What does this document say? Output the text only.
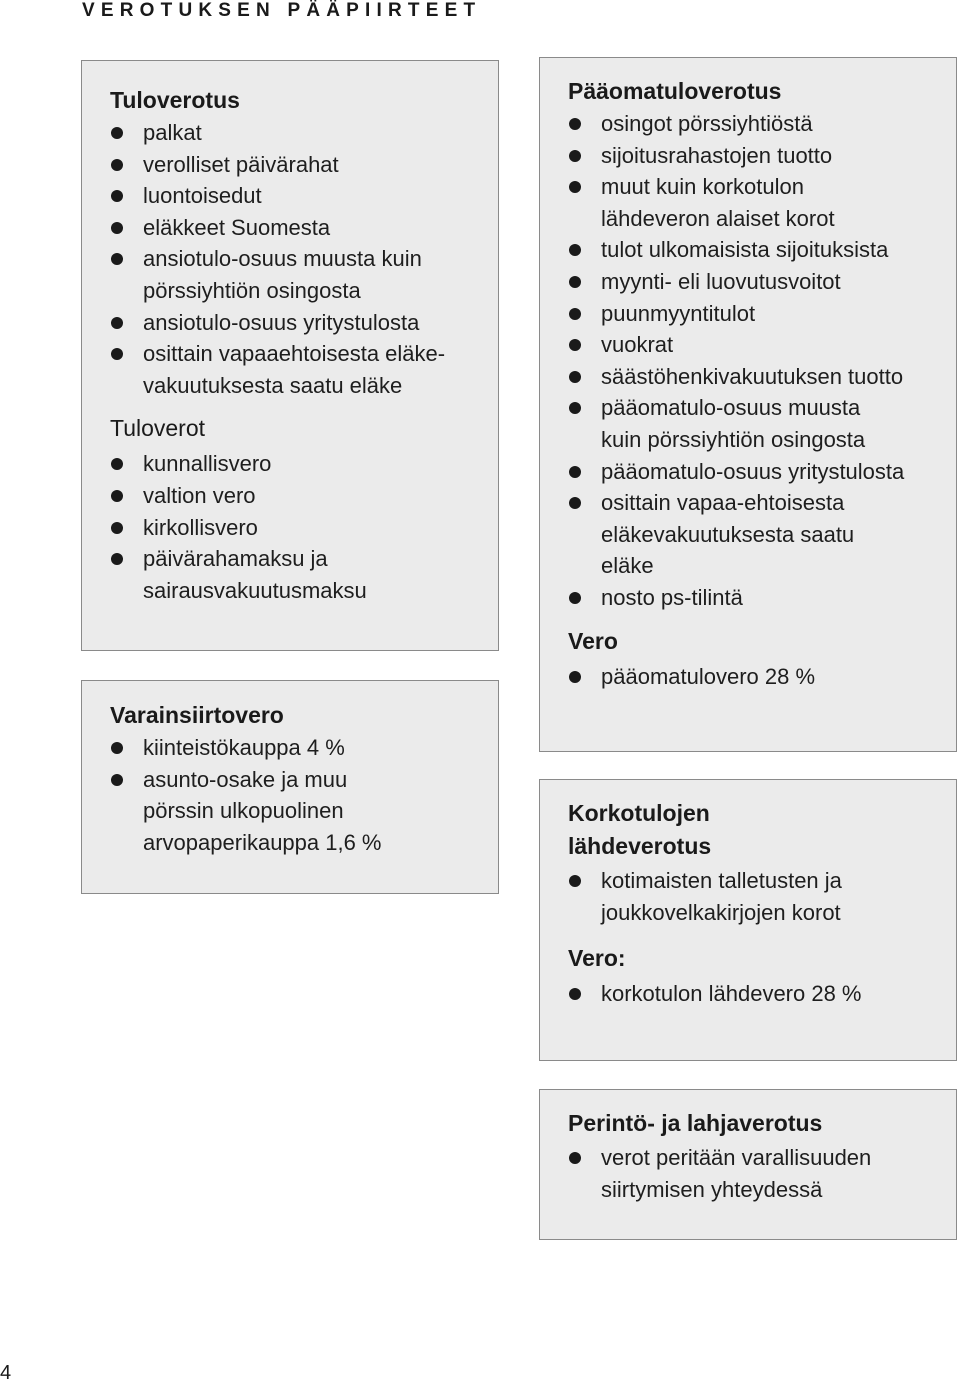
VEROTUKSEN PÄÄPIIRTEET
Tuloverotus
palkat
verolliset päivärahat
luontoisedut
eläkkeet Suomesta
ansiotulo-osuus muusta kuin
pörssiyhtiön osingosta
ansiotulo-osuus yritystulosta
osittain vapaaehtoisesta eläke-
vakuutuksesta saatu eläke
Tuloverot
kunnallisvero
valtion vero
kirkollisvero
päivärahamaksu ja
sairausvakuutusmaksu
Varainsiirtovero
kiinteistökauppa 4 %
asunto-osake ja muu
pörssin ulkopuolinen
arvopaperikauppa 1,6 %
Pääomatuloverotus
osingot pörssiyhtiöstä
sijoitusrahastojen tuotto
muut kuin korkotulon
lähdeveron alaiset korot
tulot ulkomaisista sijoituksista
myynti- eli luovutusvoitot
puunmyyntitulot
vuokrat
säästöhenkivakuutuksen tuotto
pääomatulo-osuus muusta
kuin pörssiyhtiön osingosta
pääomatulo-osuus yritystulosta
osittain vapaa-ehtoisesta
eläkevakuutuksesta saatu
eläke
nosto ps-tilintä
Vero
pääomatulovero 28 %
Korkotulojen
lähdeverotus
kotimaisten talletusten ja
joukkovelkakirjojen korot
Vero:
korkotulon lähdevero 28 %
Perintö- ja lahjaverotus
verot peritään varallisuuden
siirtymisen yhteydessä
4
